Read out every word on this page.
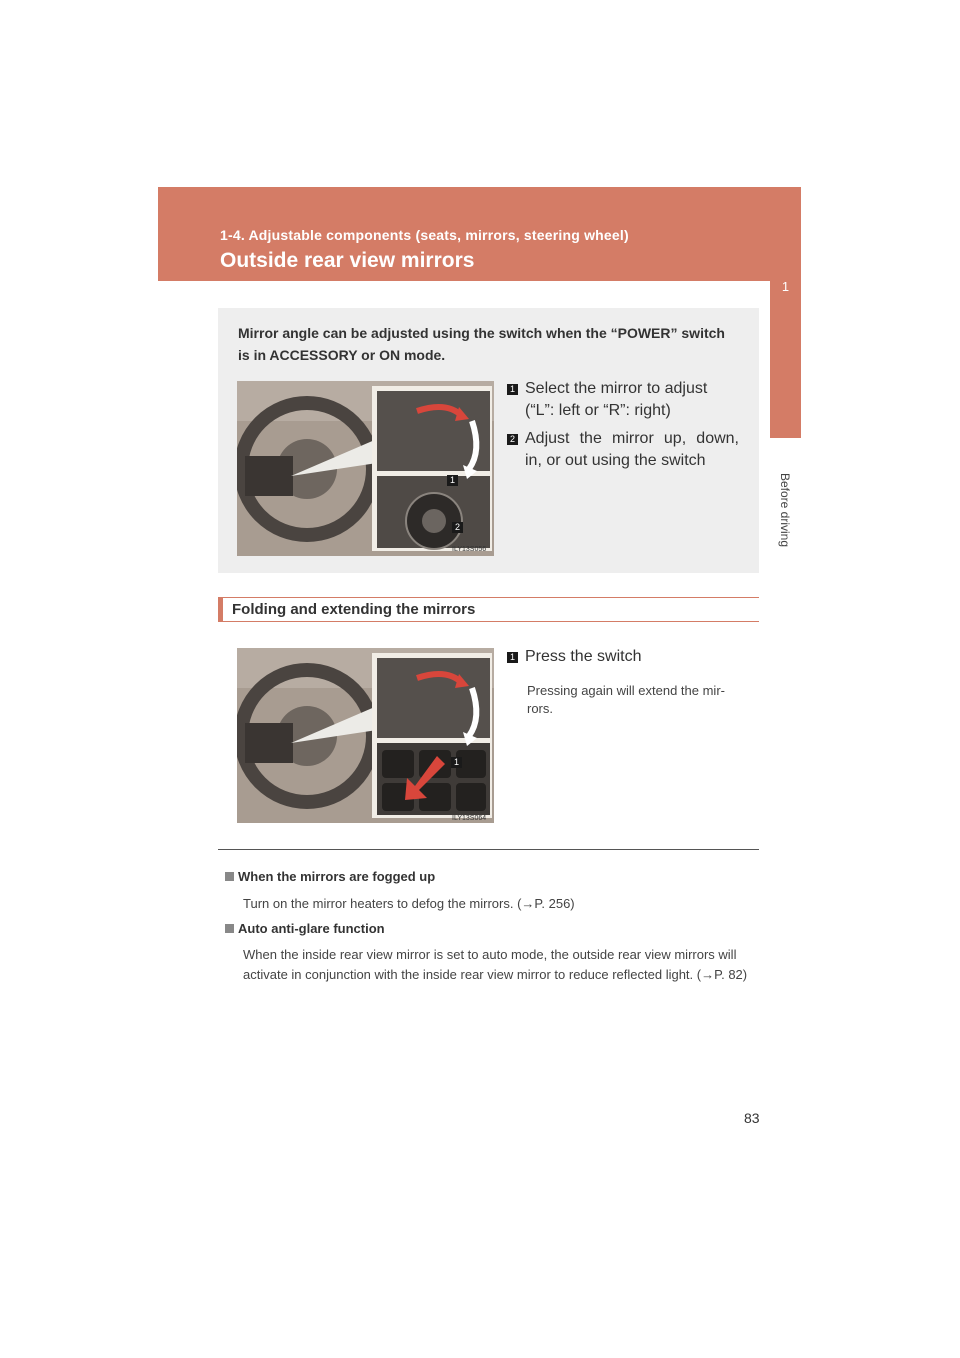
1-4. Adjustable components (seats, mirrors, steering wheel)
Outside rear view mirrors
1
Before driving
Mirror angle can be adjusted using the switch when the “POWER” switch is in ACCESSORY or ON mode.
1
2
ILY13S056
1 Select the mirror to adjust
(“L”: left or “R”: right)
2 Adjust the mirror up, down,
in, or out using the switch
Folding and extending the mirrors
1
ILY13S064
1 Press the switch
Pressing again will extend the mir-
rors.
When the mirrors are fogged up
Turn on the mirror heaters to defog the mirrors. (→P. 256)
Auto anti-glare function
When the inside rear view mirror is set to auto mode, the outside rear view mirrors will activate in conjunction with the inside rear view mirror to reduce reflected light. (→P. 82)
83
